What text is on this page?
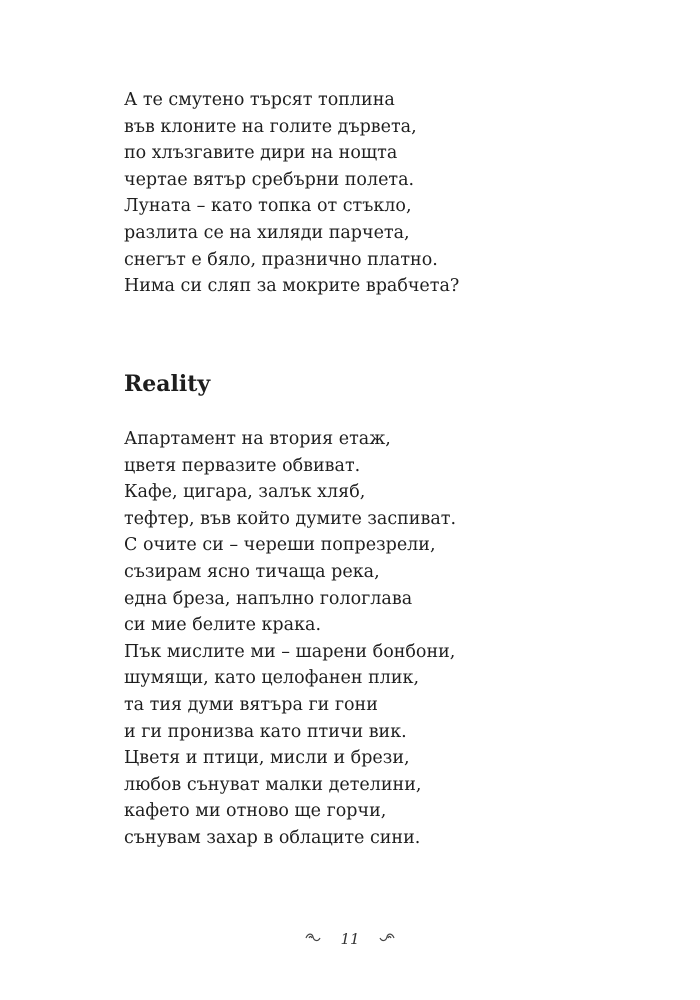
А те смутено търсят топлина
във клоните на голите дървета,
по хлъзгавите дири на нощта
чертае вятър сребърни полета.
Луната – като топка от стъкло,
разлита се на хиляди парчета,
снегът е бяло, празнично платно.
Нима си сляп за мокрите врабчета?
Reality
Апартамент на втория етаж,
цветя первазите обвиват.
Кафе, цигара, залък хляб,
тефтер, във който думите заспиват.
С очите си – череши попрезрели,
съзирам ясно тичаща река,
една бреза, напълно гологлава
си мие белите крака.
Пък мислите ми – шарени бонбони,
шумящи, като целофанен плик,
та тия думи вятъра ги гони
и ги пронизва като птичи вик.
Цветя и птици, мисли и брези,
любов сънуват малки детелини,
кафето ми отново ще горчи,
сънувам захар в облаците сини.
11
